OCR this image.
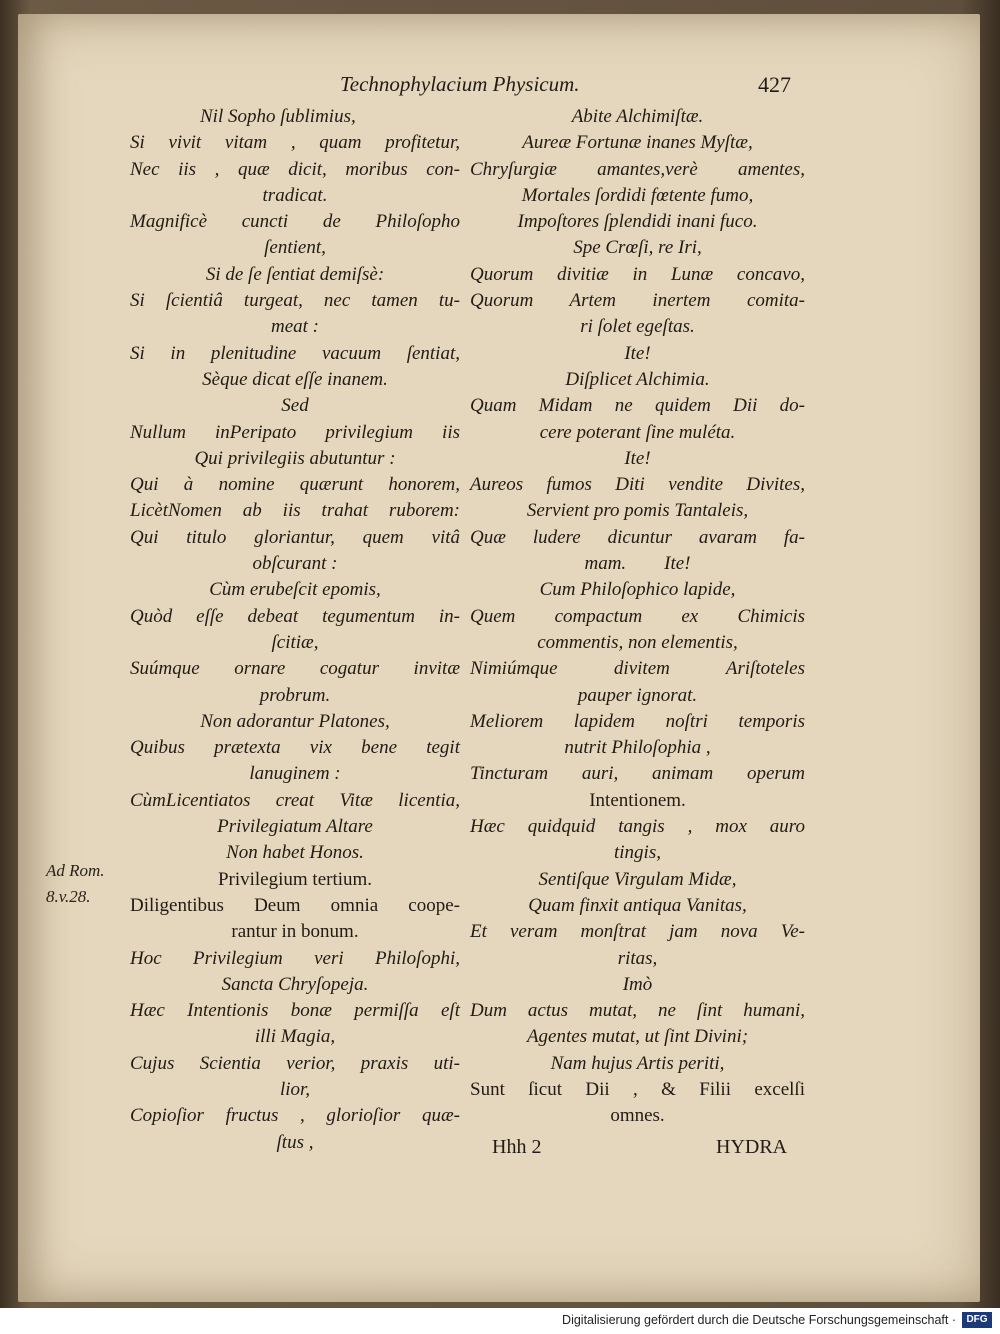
Technophylacium Physicum.	427
Ad Rom.
8.v.28.
Nil Sopho ſublimius,
Si vivit vitam , quam profitetur,
Nec iis , quæ dicit, moribus con-
tradicat.
Magnificè cuncti de Philoſopho
ſentient,
Si de ſe ſentiat demiſsè:
Si ſcientiâ turgeat, nec tamen tu-
meat :
Si in plenitudine vacuum ſentiat,
Sèque dicat eſſe inanem.
Sed
Nullum inPeripato privilegium iis
Qui privilegiis abutuntur :
Qui à nomine quærunt honorem,
LicètNomen ab iis trahat ruborem:
Qui titulo gloriantur, quem vitâ
obſcurant :
Cùm erubeſcit epomis,
Quòd eſſe debeat tegumentum in-
ſcitiæ,
Suúmque ornare cogatur invitæ
probrum.
Non adorantur Platones,
Quibus prætexta vix bene tegit
lanuginem :
CùmLicentiatos creat Vitæ licentia,
Privilegiatum Altare
Non habet Honos.
Privilegium tertium.
Diligentibus Deum omnia coope-
rantur in bonum.
Hoc Privilegium veri Philoſophi,
Sancta Chryſopeja.
Hæc Intentionis bonæ permiſſa eſt
illi Magia,
Cujus Scientia verior, praxis uti-
lior,
Copioſior fructus , glorioſior quæ-
ſtus ,
Abite Alchimiſtæ.
Aureæ Fortunæ inanes Myſtæ,
Chryſurgiæ amantes,verè amentes,
Mortales ſordidi fœtente fumo,
Impoſtores ſplendidi inani fuco.
Spe Crœſi, re Iri,
Quorum divitiæ in Lunæ concavo,
Quorum Artem inertem comita-
ri ſolet egeſtas.
Ite!
Diſplicet Alchimia.
Quam Midam ne quidem Dii do-
cere poterant ſine muléta.
Ite!
Aureos fumos Diti vendite Divites,
Servient pro pomis Tantaleis,
Quæ ludere dicuntur avaram fa-
mam.        Ite!
Cum Philoſophico lapide,
Quem compactum ex Chimicis
commentis, non elementis,
Nimiúmque divitem Ariſtoteles
pauper ignorat.
Meliorem lapidem noſtri temporis
nutrit Philoſophia ,
Tincturam auri, animam operum
Intentionem.
Hæc quidquid tangis , mox auro
tingis,
Sentiſque Virgulam Midæ,
Quam finxit antiqua Vanitas,
Et veram monſtrat jam nova Ve-
ritas,
Imò
Dum actus mutat, ne ſint humani,
Agentes mutat, ut ſint Divini;
Nam hujus Artis periti,
Sunt ſicut Dii , & Filii excelſi
omnes.
Hhh 2	HYDRA
Digitalisierung gefördert durch die Deutsche Forschungsgemeinschaft ·	DFG
